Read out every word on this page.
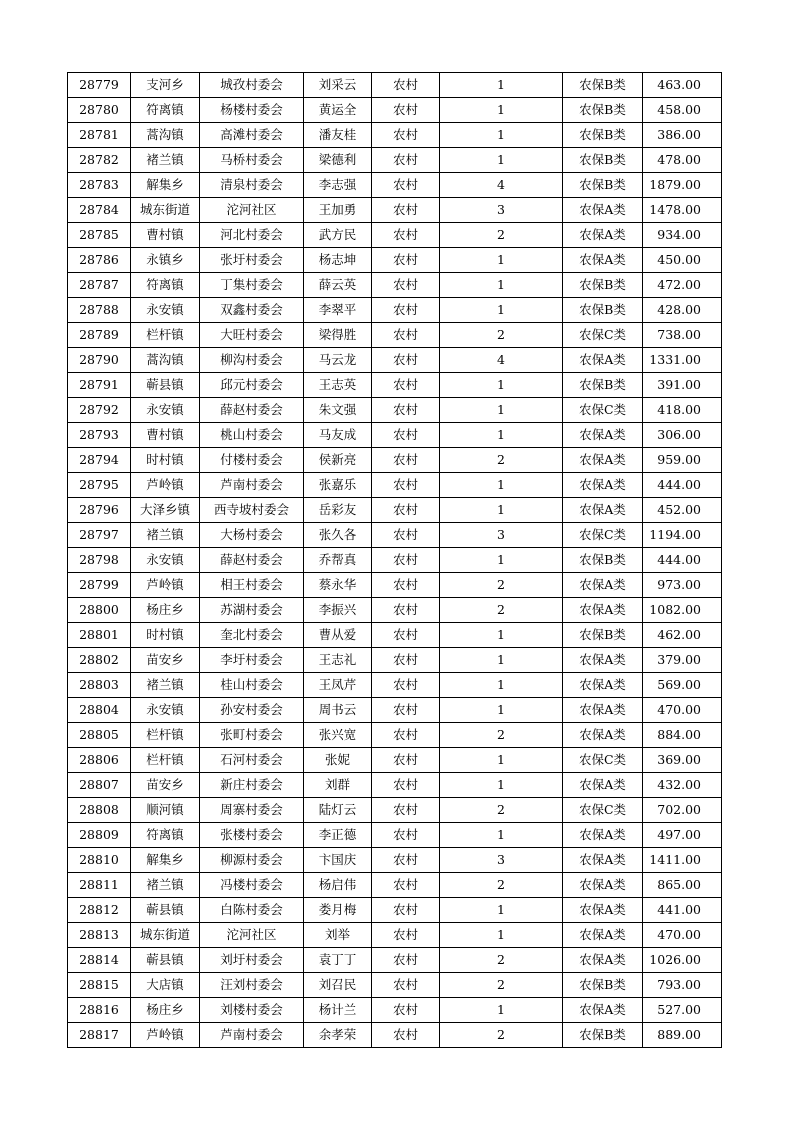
28779	支河乡	城孜村委会	刘采云	农村	1	农保B类	463.00
28780	符离镇	杨楼村委会	黄运全	农村	1	农保B类	458.00
28781	蒿沟镇	高滩村委会	潘友桂	农村	1	农保B类	386.00
28782	褚兰镇	马桥村委会	梁德利	农村	1	农保B类	478.00
28783	解集乡	清泉村委会	李志强	农村	4	农保B类	1879.00
28784	城东街道	沱河社区	王加勇	农村	3	农保A类	1478.00
28785	曹村镇	河北村委会	武方民	农村	2	农保A类	934.00
28786	永镇乡	张圩村委会	杨志坤	农村	1	农保A类	450.00
28787	符离镇	丁集村委会	薛云英	农村	1	农保B类	472.00
28788	永安镇	双鑫村委会	李翠平	农村	1	农保B类	428.00
28789	栏杆镇	大旺村委会	梁得胜	农村	2	农保C类	738.00
28790	蒿沟镇	柳沟村委会	马云龙	农村	4	农保A类	1331.00
28791	蕲县镇	邱元村委会	王志英	农村	1	农保B类	391.00
28792	永安镇	薛赵村委会	朱文强	农村	1	农保C类	418.00
28793	曹村镇	桃山村委会	马友成	农村	1	农保A类	306.00
28794	时村镇	付楼村委会	侯新亮	农村	2	农保A类	959.00
28795	芦岭镇	芦南村委会	张嘉乐	农村	1	农保A类	444.00
28796	大泽乡镇	西寺坡村委会	岳彩友	农村	1	农保A类	452.00
28797	褚兰镇	大杨村委会	张久各	农村	3	农保C类	1194.00
28798	永安镇	薛赵村委会	乔帮真	农村	1	农保B类	444.00
28799	芦岭镇	相王村委会	蔡永华	农村	2	农保A类	973.00
28800	杨庄乡	苏湖村委会	李振兴	农村	2	农保A类	1082.00
28801	时村镇	奎北村委会	曹从爱	农村	1	农保B类	462.00
28802	苗安乡	李圩村委会	王志礼	农村	1	农保A类	379.00
28803	褚兰镇	桂山村委会	王凤芹	农村	1	农保A类	569.00
28804	永安镇	孙安村委会	周书云	农村	1	农保A类	470.00
28805	栏杆镇	张町村委会	张兴宽	农村	2	农保A类	884.00
28806	栏杆镇	石河村委会	张妮	农村	1	农保C类	369.00
28807	苗安乡	新庄村委会	刘群	农村	1	农保A类	432.00
28808	顺河镇	周寨村委会	陆灯云	农村	2	农保C类	702.00
28809	符离镇	张楼村委会	李正德	农村	1	农保A类	497.00
28810	解集乡	柳源村委会	卞国庆	农村	3	农保A类	1411.00
28811	褚兰镇	冯楼村委会	杨启伟	农村	2	农保A类	865.00
28812	蕲县镇	白陈村委会	娄月梅	农村	1	农保A类	441.00
28813	城东街道	沱河社区	刘举	农村	1	农保A类	470.00
28814	蕲县镇	刘圩村委会	袁丁丁	农村	2	农保A类	1026.00
28815	大店镇	汪刘村委会	刘召民	农村	2	农保B类	793.00
28816	杨庄乡	刘楼村委会	杨计兰	农村	1	农保A类	527.00
28817	芦岭镇	芦南村委会	余孝荣	农村	2	农保B类	889.00
